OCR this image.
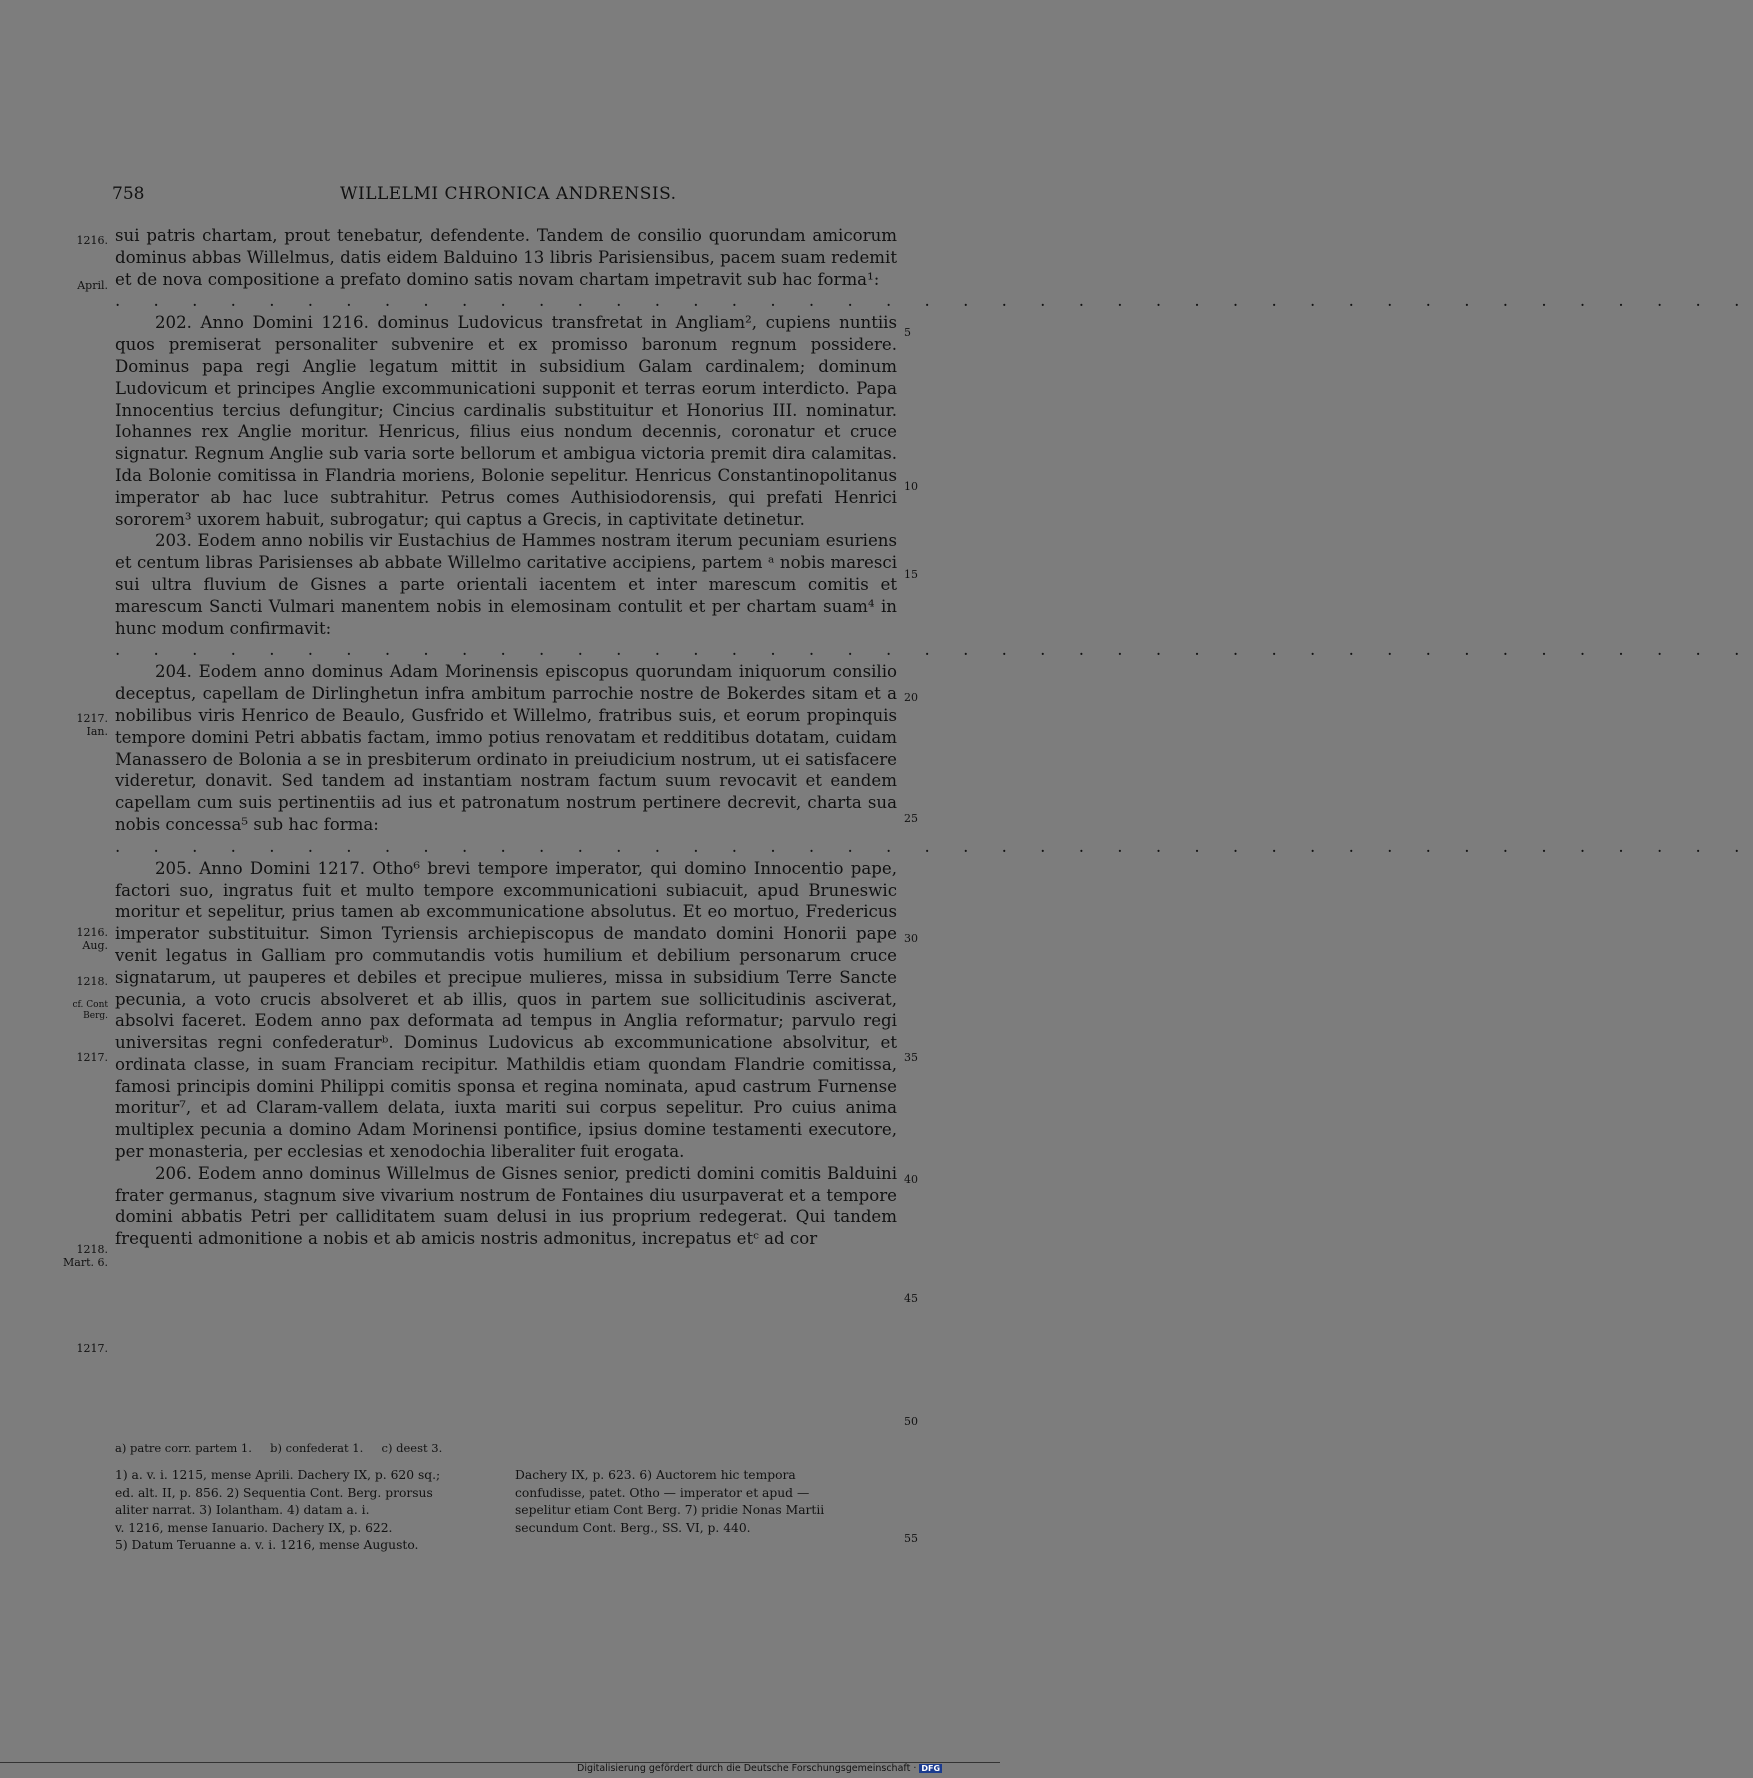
758	WILLELMI CHRONICA ANDRENSIS.
1216.
April.
1217.
Ian.
1216.
Aug.
1218.
cf. Cont
Berg.
1217.
1218.
Mart. 6.
1217.
5
10
15
20
25
30
35
40
45
50
55

sui patris chartam, prout tenebatur, defendente. Tandem de consilio quorundam amicorum dominus abbas Willelmus, datis eidem Balduino 13 libris Parisiensibus, pacem suam redemit et de nova compositione a prefato domino satis novam chartam impetravit sub hac forma¹:

. . . . . . . . . . . . . . . . . . . . . . . . . . . . . . . . . . . . . . . . . . .

202. Anno Domini 1216. dominus Ludovicus transfretat in Angliam², cupiens nuntiis quos premiserat personaliter subvenire et ex promisso baronum regnum possidere. Dominus papa regi Anglie legatum mittit in subsidium Galam cardinalem; dominum Ludovicum et principes Anglie excommunicationi supponit et terras eorum interdicto. Papa Innocentius tercius defungitur; Cincius cardinalis substituitur et Honorius III. nominatur. Iohannes rex Anglie moritur. Henricus, filius eius nondum decennis, coronatur et cruce signatur. Regnum Anglie sub varia sorte bellorum et ambigua victoria premit dira calamitas. Ida Bolonie comitissa in Flandria moriens, Bolonie sepelitur. Henricus Constantinopolitanus imperator ab hac luce subtrahitur. Petrus comes Authisiodorensis, qui prefati Henrici sororem³ uxorem habuit, subrogatur; qui captus a Grecis, in captivitate detinetur.

203. Eodem anno nobilis vir Eustachius de Hammes nostram iterum pecuniam esuriens et centum libras Parisienses ab abbate Willelmo caritative accipiens, partem ᵃ nobis maresci sui ultra fluvium de Gisnes a parte orientali iacentem et inter marescum comitis et marescum Sancti Vulmari manentem nobis in elemosinam contulit et per chartam suam⁴ in hunc modum confirmavit:

. . . . . . . . . . . . . . . . . . . . . . . . . . . . . . . . . . . . . . . . . . .

204. Eodem anno dominus Adam Morinensis episcopus quorundam iniquorum consilio deceptus, capellam de Dirlinghetun infra ambitum parrochie nostre de Bokerdes sitam et a nobilibus viris Henrico de Beaulo, Gusfrido et Willelmo, fratribus suis, et eorum propinquis tempore domini Petri abbatis factam, immo potius renovatam et redditibus dotatam, cuidam Manassero de Bolonia a se in presbiterum ordinato in preiudicium nostrum, ut ei satisfacere videretur, donavit. Sed tandem ad instantiam nostram factum suum revocavit et eandem capellam cum suis pertinentiis ad ius et patronatum nostrum pertinere decrevit, charta sua nobis concessa⁵ sub hac forma:

. . . . . . . . . . . . . . . . . . . . . . . . . . . . . . . . . . . . . . . . . . .

205. Anno Domini 1217. Otho⁶ brevi tempore imperator, qui domino Innocentio pape, factori suo, ingratus fuit et multo tempore excommunicationi subiacuit, apud Bruneswic moritur et sepelitur, prius tamen ab excommunicatione absolutus. Et eo mortuo, Fredericus imperator substituitur. Simon Tyriensis archiepiscopus de mandato domini Honorii pape venit legatus in Galliam pro commutandis votis humilium et debilium personarum cruce signatarum, ut pauperes et debiles et precipue mulieres, missa in subsidium Terre Sancte pecunia, a voto crucis absolveret et ab illis, quos in partem sue sollicitudinis asciverat, absolvi faceret. Eodem anno pax deformata ad tempus in Anglia reformatur; parvulo regi universitas regni confederaturᵇ. Dominus Ludovicus ab excommunicatione absolvitur, et ordinata classe, in suam Franciam recipitur. Mathildis etiam quondam Flandrie comitissa, famosi principis domini Philippi comitis sponsa et regina nominata, apud castrum Furnense moritur⁷, et ad Claram-vallem delata, iuxta mariti sui corpus sepelitur. Pro cuius anima multiplex pecunia a domino Adam Morinensi pontifice, ipsius domine testamenti executore, per monasteria, per ecclesias et xenodochia liberaliter fuit erogata.

206. Eodem anno dominus Willelmus de Gisnes senior, predicti domini comitis Balduini frater germanus, stagnum sive vivarium nostrum de Fontaines diu usurpaverat et a tempore domini abbatis Petri per calliditatem suam delusi in ius proprium redegerat. Qui tandem frequenti admonitione a nobis et ab amicis nostris admonitus, increpatus etᶜ ad cor

a) patre corr. partem 1.     b) confederat 1.     c) deest 3.

1) a. v. i. 1215, mense Aprili. Dachery IX, p. 620 sq.;

ed. alt. II, p. 856. 2) Sequentia Cont. Berg. prorsus

aliter narrat. 3) Iolantham. 4) datam a. i.

v. 1216, mense Ianuario. Dachery IX, p. 622.

5) Datum Teruanne a. v. i. 1216, mense Augusto.

Dachery IX, p. 623. 6) Auctorem hic tempora

confudisse, patet. Otho — imperator et apud —

sepelitur etiam Cont Berg. 7) pridie Nonas Martii

secundum Cont. Berg., SS. VI, p. 440.

Digitalisierung gefördert durch die Deutsche Forschungsgemeinschaft · DFG
